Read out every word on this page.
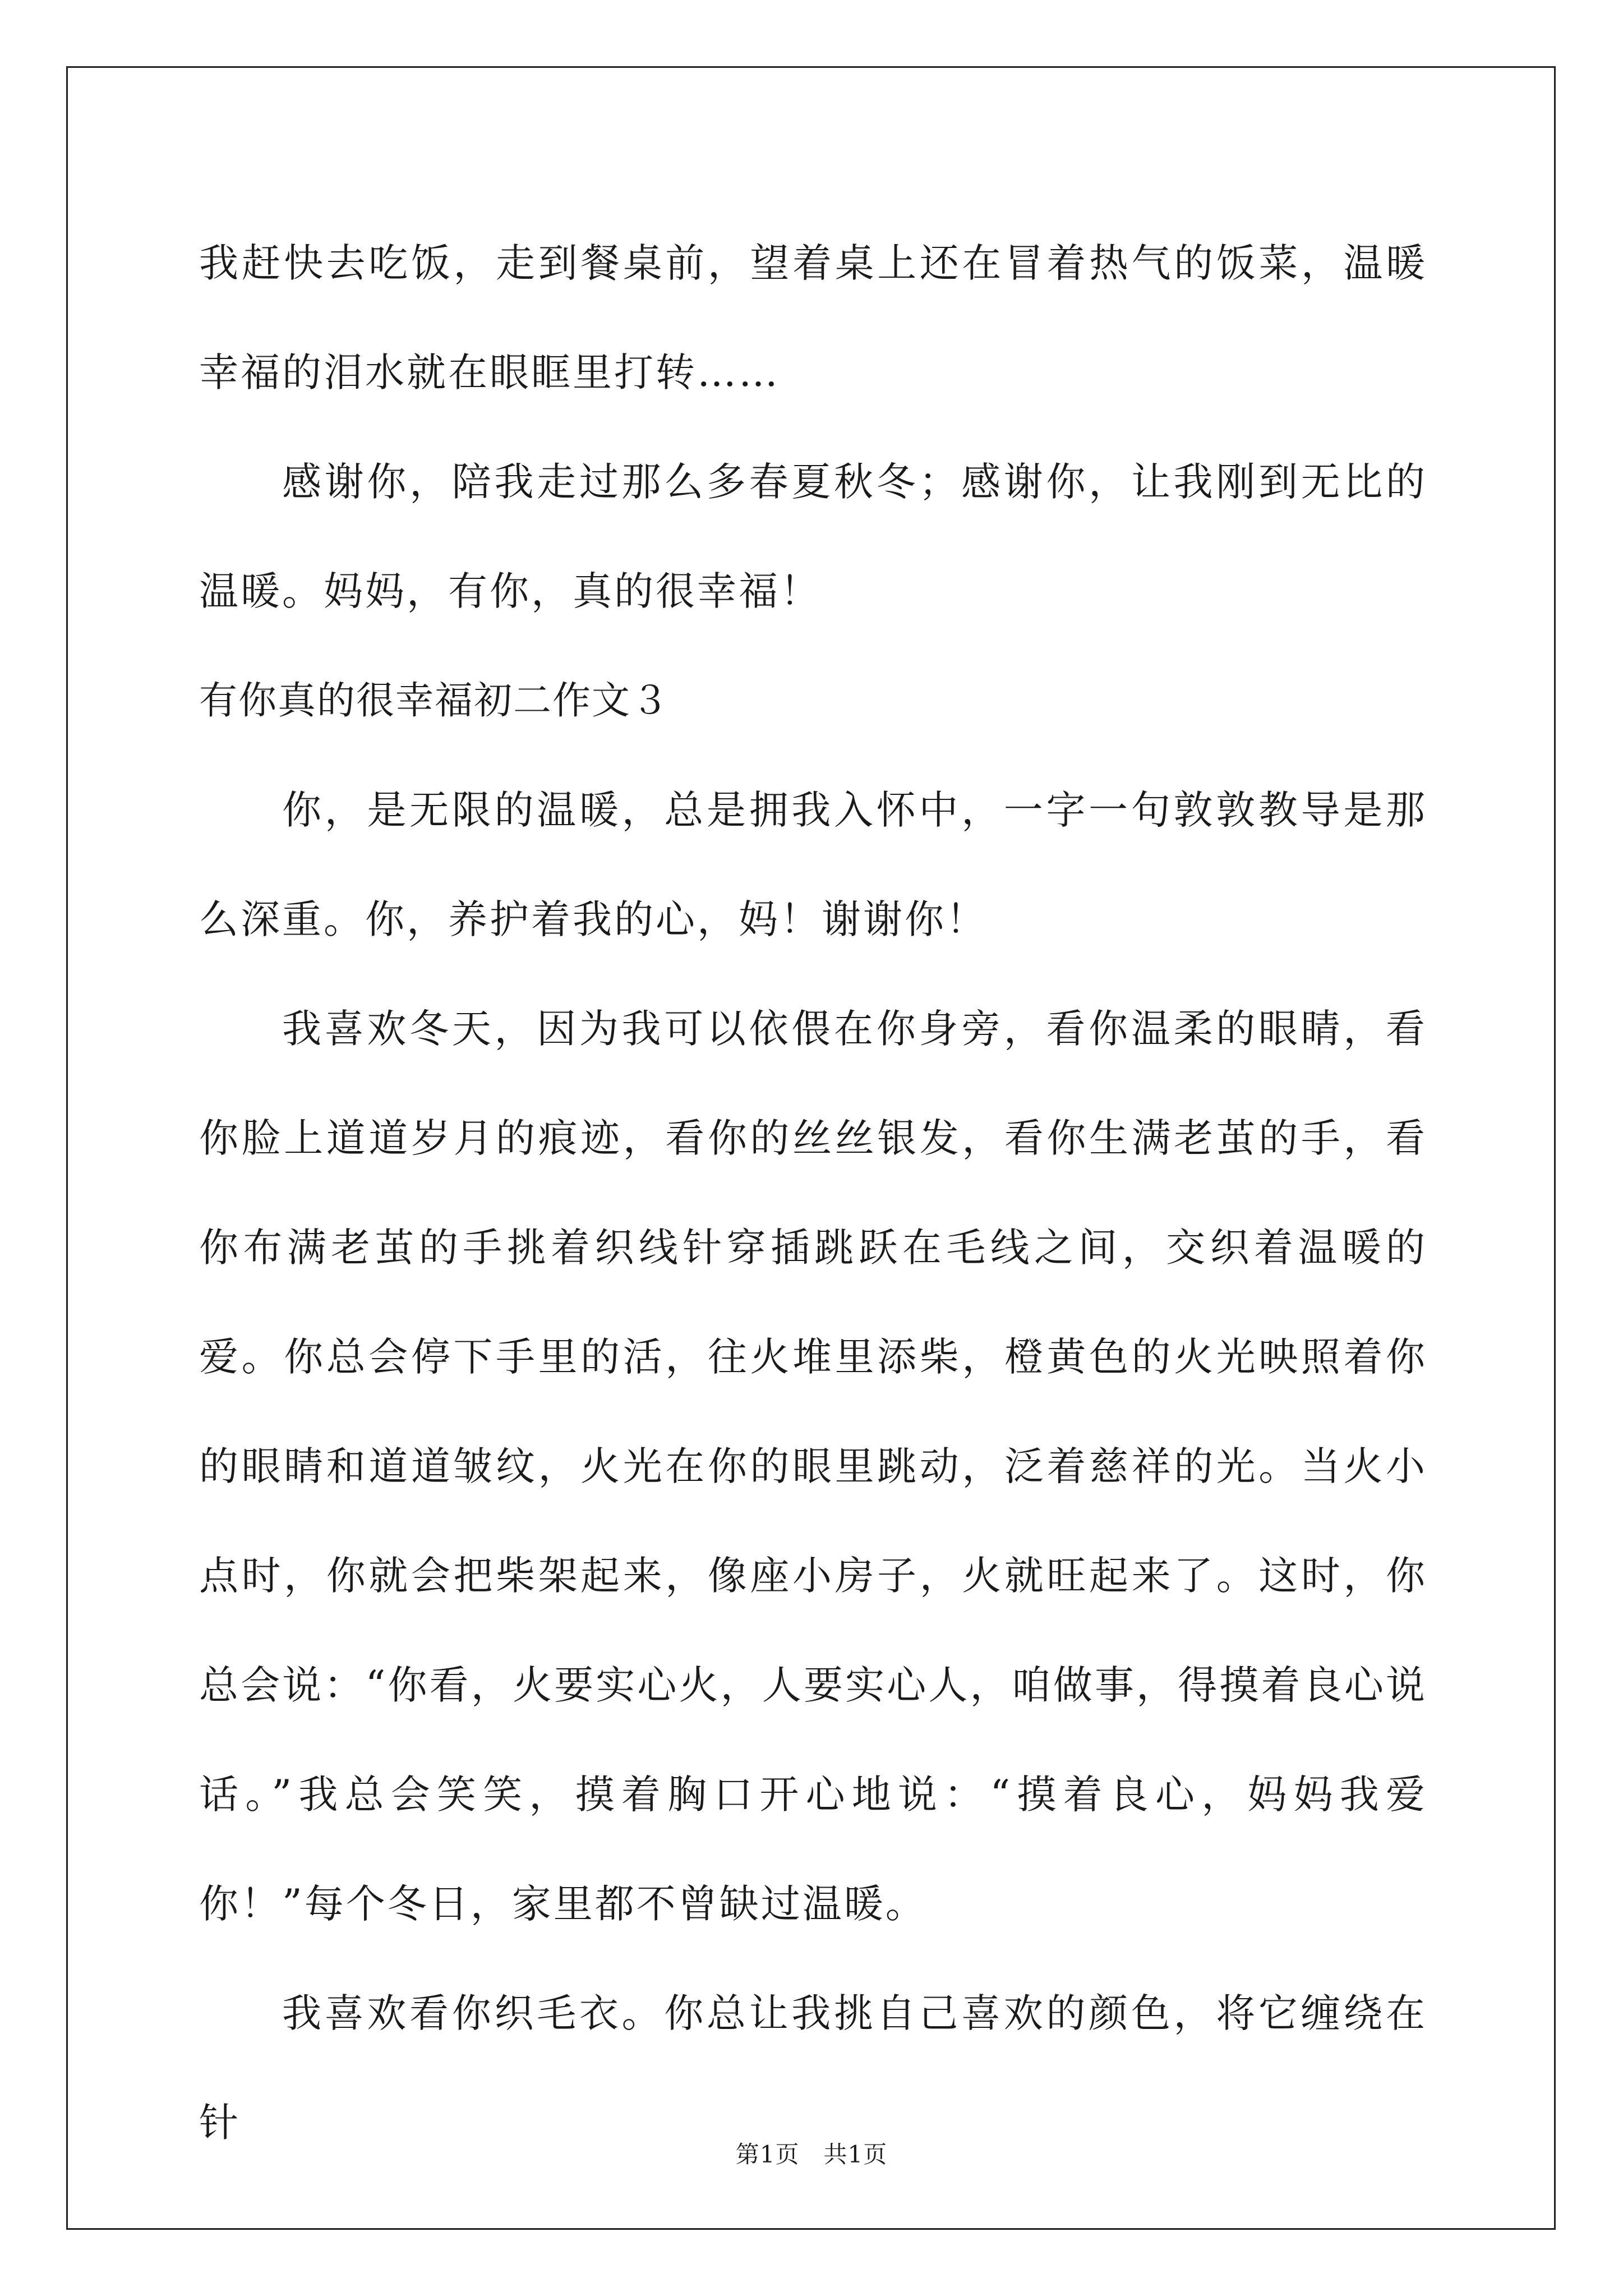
我赶快去吃饭，走到餐桌前，望着桌上还在冒着热气的饭菜，温暖幸福的泪水就在眼眶里打转……

感谢你，陪我走过那么多春夏秋冬；感谢你，让我刚到无比的温暖。妈妈，有你，真的很幸福！

有你真的很幸福初二作文３

你，是无限的温暖，总是拥我入怀中，一字一句敦敦教导是那么深重。你，养护着我的心，妈！谢谢你！

我喜欢冬天，因为我可以依偎在你身旁，看你温柔的眼睛，看你脸上道道岁月的痕迹，看你的丝丝银发，看你生满老茧的手，看你布满老茧的手挑着织线针穿插跳跃在毛线之间，交织着温暖的爱。你总会停下手里的活，往火堆里添柴，橙黄色的火光映照着你的眼睛和道道皱纹，火光在你的眼里跳动，泛着慈祥的光。当火小点时，你就会把柴架起来，像座小房子，火就旺起来了。这时，你总会说：“你看，火要实心火，人要实心人，咱做事，得摸着良心说话。”我总会笑笑，摸着胸口开心地说：“摸着良心，妈妈我爱你！”每个冬日，家里都不曾缺过温暖。

我喜欢看你织毛衣。你总让我挑自己喜欢的颜色，将它缠绕在针

第1页　共1页
